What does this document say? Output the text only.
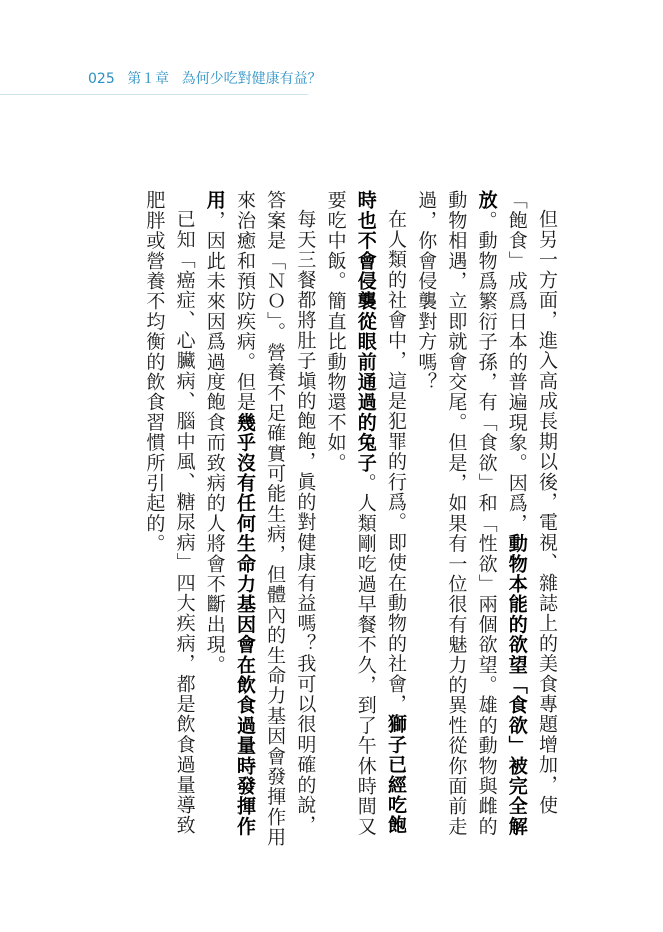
025 第１章 為何少吃對健康有益？

但另一方面，進入高成長期以後，電視、雜誌上的美食專題增加，使「飽食」成爲日本的普遍現象。因爲，動物本能的欲望「食欲」被完全解放。動物爲繁衍子孫，有「食欲」和「性欲」兩個欲望。雄的動物與雌的動物相遇，立即就會交尾。但是，如果有一位很有魅力的異性從你面前走過，你會侵襲對方嗎？

在人類的社會中，這是犯罪的行爲。即使在動物的社會，獅子已經吃飽時也不會侵襲從眼前通過的兔子。人類剛吃過早餐不久，到了午休時間又要吃中飯。簡直比動物還不如。

每天三餐都將肚子塡的飽飽，眞的對健康有益嗎？我可以很明確的說，答案是「ＮＯ」。營養不足確實可能生病，但體內的生命力基因會發揮作用來治癒和預防疾病。但是幾乎沒有任何生命力基因會在飲食過量時發揮作用，因此未來因爲過度飽食而致病的人將會不斷出現。

已知「癌症、心臟病、腦中風、糖尿病」四大疾病，都是飲食過量導致肥胖或營養不均衡的飲食習慣所引起的。
